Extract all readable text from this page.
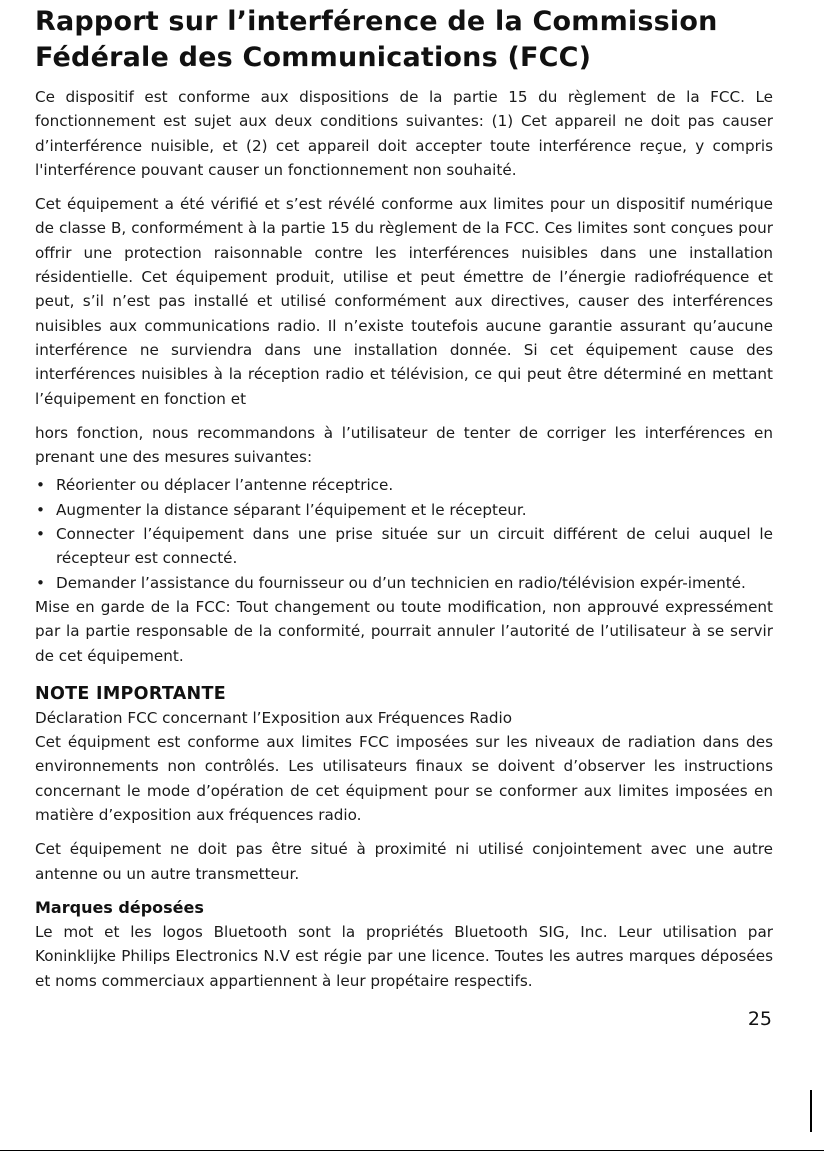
Rapport sur l’interférence de la Commission
Fédérale des Communications (FCC)

Ce dispositif est conforme aux dispositions de la partie 15 du règlement de la FCC. Le fonctionnement est sujet aux deux conditions suivantes: (1) Cet appareil ne doit pas causer d’interférence nuisible, et (2) cet appareil doit accepter toute interférence reçue, y compris l'interférence pouvant causer un fonctionnement non souhaité.

Cet équipement a été vérifié et s’est révélé conforme aux limites pour un dispositif numérique de classe B, conformément à la partie 15 du règlement de la FCC. Ces limites sont conçues pour offrir une protection raisonnable contre les interférences nuisibles dans une installation résidentielle. Cet équipement produit, utilise et peut émettre de l’énergie radiofréquence et peut, s’il n’est pas installé et utilisé conformément aux directives, causer des interférences nuisibles aux communications radio. Il n’existe toutefois aucune garantie assurant qu’aucune interférence ne surviendra dans une installation donnée. Si cet équipement cause des interférences nuisibles à la réception radio et télévision, ce qui peut être déterminé en mettant l’équipement en fonction et

hors fonction, nous recommandons à l’utilisateur de tenter de corriger les interférences en prenant une des mesures suivantes:

• Réorienter ou déplacer l’antenne réceptrice.
• Augmenter la distance séparant l’équipement et le récepteur.
• Connecter l’équipement dans une prise située sur un circuit différent de celui auquel le récepteur est connecté.
• Demander l’assistance du fournisseur ou d’un technicien en radio/télévision expér-imenté.

Mise en garde de la FCC: Tout changement ou toute modification, non approuvé expressément par la partie responsable de la conformité, pourrait annuler l’autorité de l’utilisateur à se servir de cet équipement.

NOTE IMPORTANTE

Déclaration FCC concernant l’Exposition aux Fréquences Radio

Cet équipment est conforme aux limites FCC imposées sur les niveaux de radiation dans des environnements non contrôlés. Les utilisateurs finaux se doivent d’observer les instructions concernant le mode d’opération de cet équipment pour se conformer aux limites imposées en matière d’exposition aux fréquences radio.

Cet équipement ne doit pas être situé à proximité ni utilisé conjointement avec une autre antenne ou un autre transmetteur.

Marques déposées

Le mot et les logos Bluetooth sont la propriétés Bluetooth SIG, Inc. Leur utilisation par Koninklijke Philips Electronics N.V est régie par une licence. Toutes les autres marques déposées et noms commerciaux appartiennent à leur propétaire respectifs.

25
